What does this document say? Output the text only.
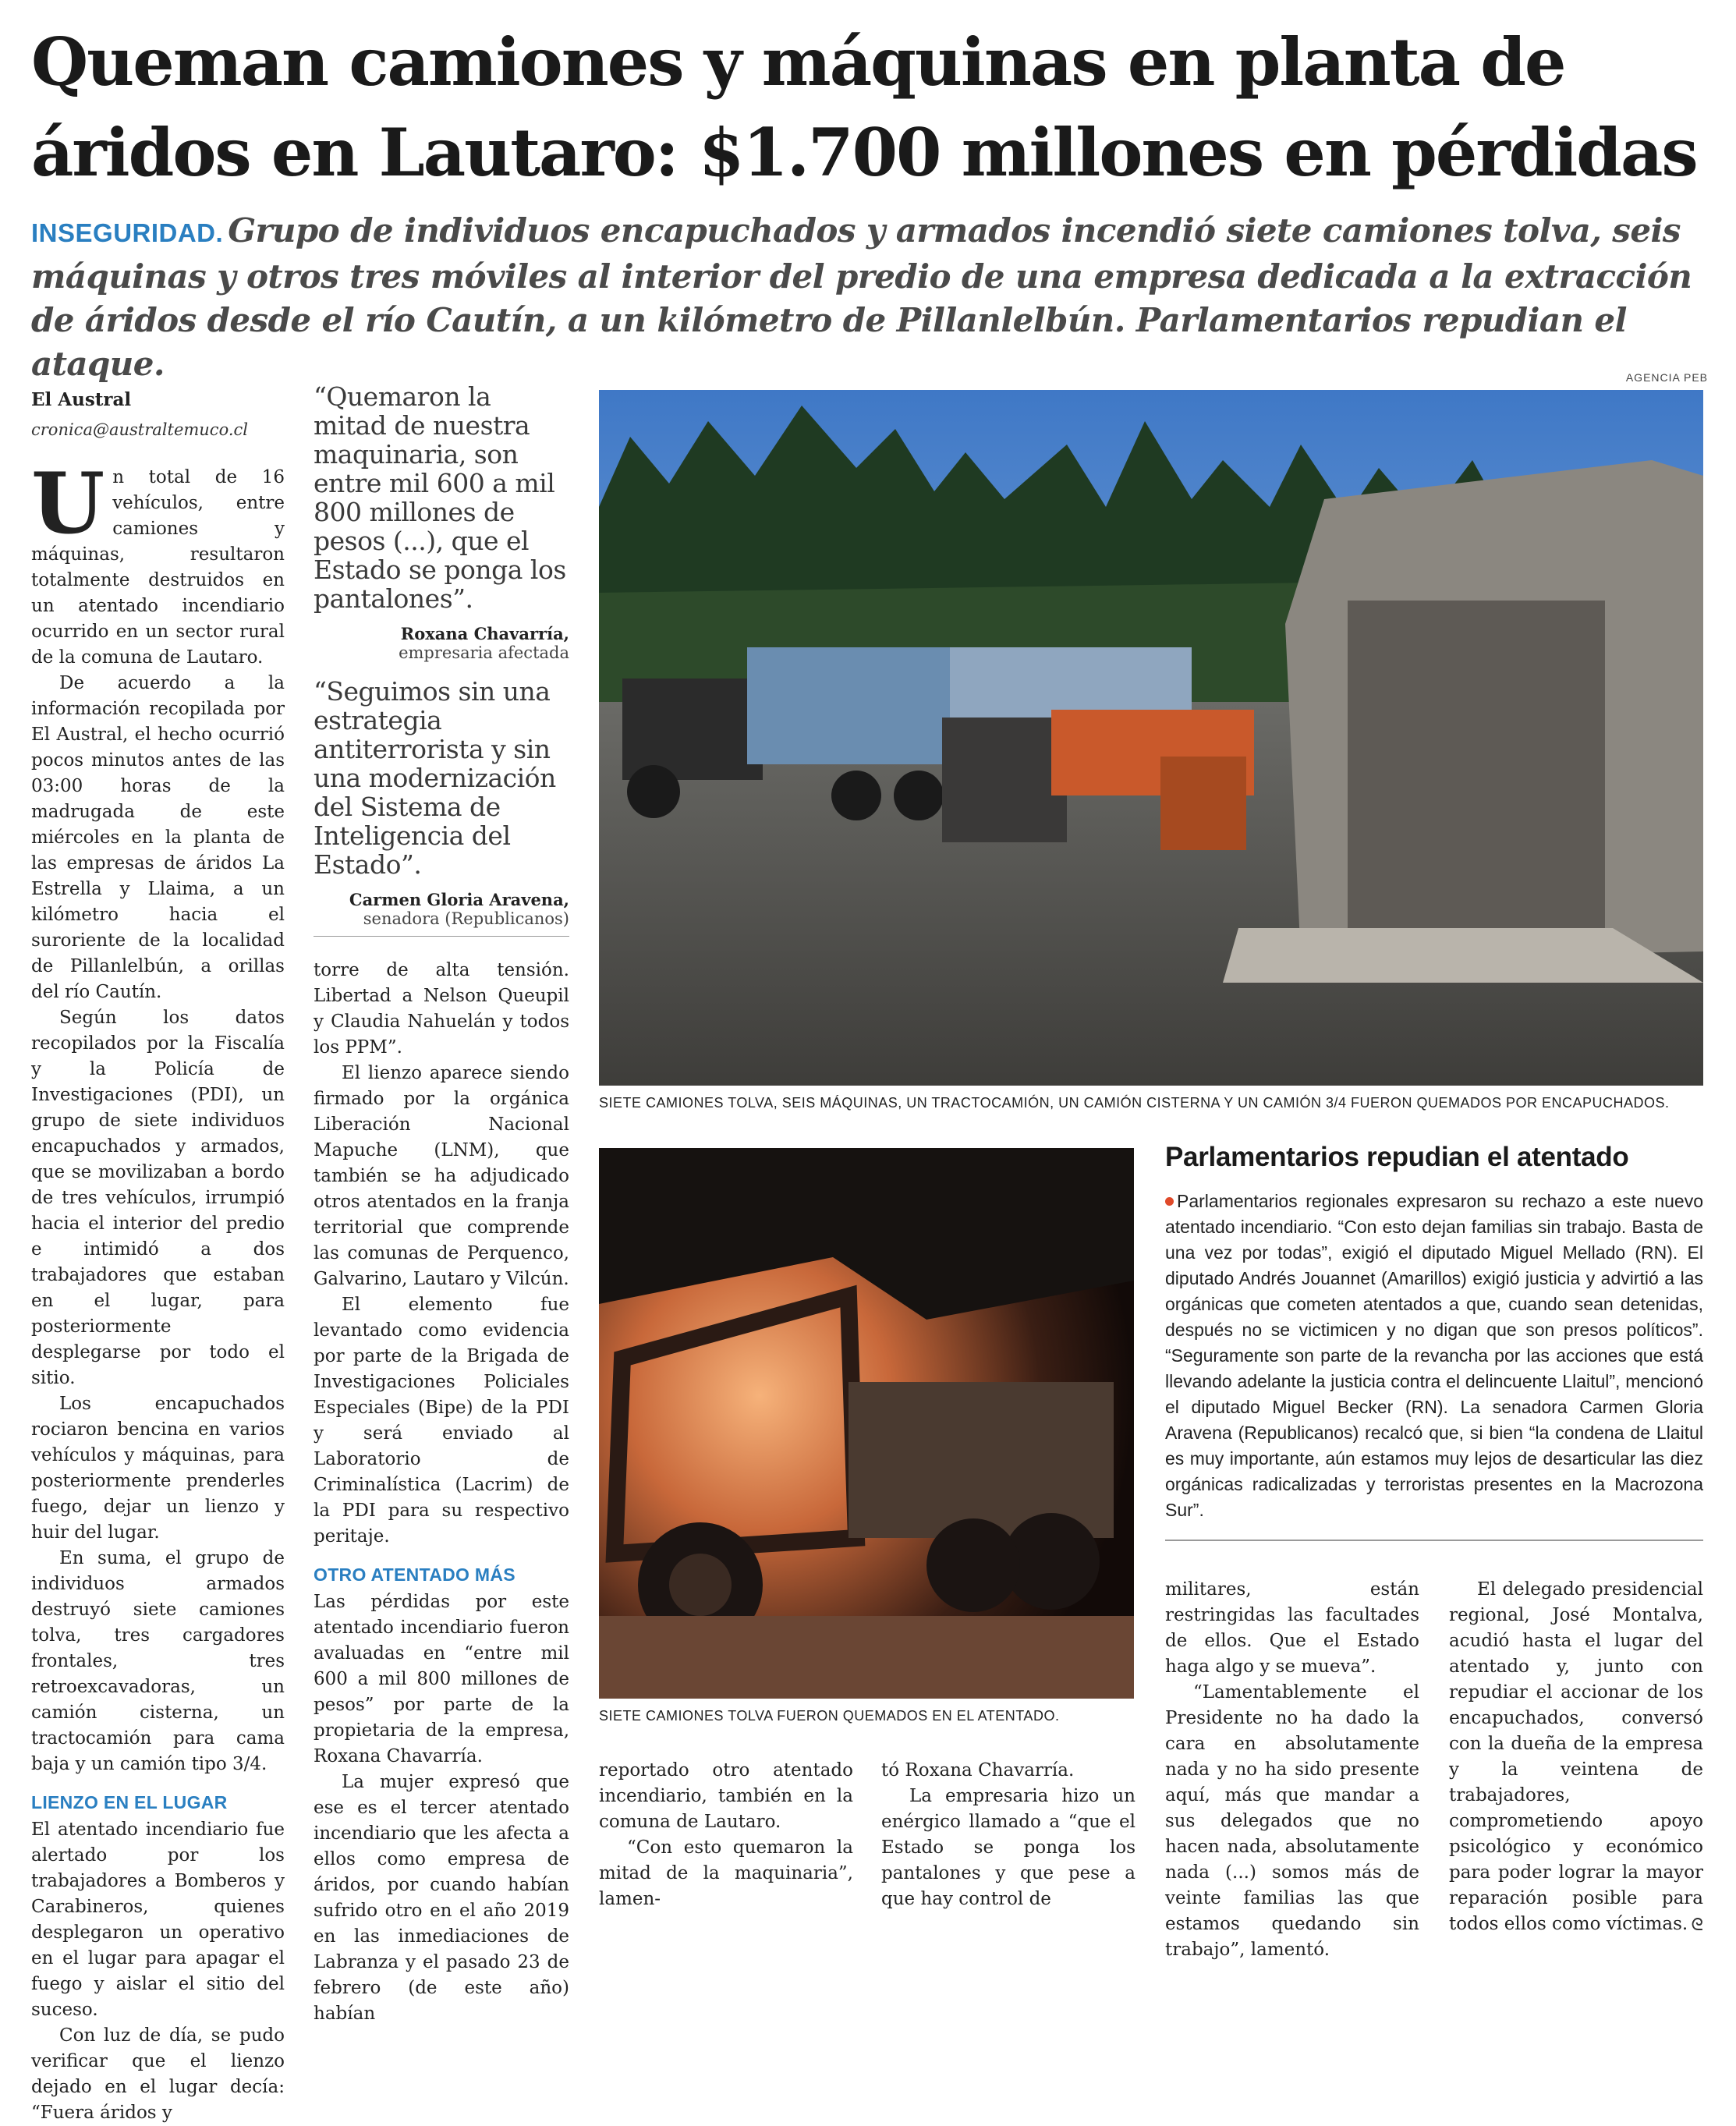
Queman camiones y máquinas en planta de áridos en Lautaro: $1.700 millones en pérdidas
INSEGURIDAD. Grupo de individuos encapuchados y armados incendió siete camiones tolva, seis máquinas y otros tres móviles al interior del predio de una empresa dedicada a la extracción de áridos desde el río Cautín, a un kilómetro de Pillanlelbún. Parlamentarios repudian el ataque.
El Austral
cronica@australtemuco.cl

Un total de 16 vehículos, entre camiones y máquinas, resultaron totalmente destruidos en un atentado incendiario ocurrido en un sector rural de la comuna de Lautaro.

De acuerdo a la información recopilada por El Austral, el hecho ocurrió pocos minutos antes de las 03:00 horas de la madrugada de este miércoles en la planta de las empresas de áridos La Estrella y Llaima, a un kilómetro hacia el suroriente de la localidad de Pillanlelbún, a orillas del río Cautín.

Según los datos recopilados por la Fiscalía y la Policía de Investigaciones (PDI), un grupo de siete individuos encapuchados y armados, que se movilizaban a bordo de tres vehículos, irrumpió hacia el interior del predio e intimidó a dos trabajadores que estaban en el lugar, para posteriormente desplegarse por todo el sitio.

Los encapuchados rociaron bencina en varios vehículos y máquinas, para posteriormente prenderles fuego, dejar un lienzo y huir del lugar.

En suma, el grupo de individuos armados destruyó siete camiones tolva, tres cargadores frontales, tres retroexcavadoras, un camión cisterna, un tractocamión para cama baja y un camión tipo 3/4.

LIENZO EN EL LUGAR

El atentado incendiario fue alertado por los trabajadores a Bomberos y Carabineros, quienes desplegaron un operativo en el lugar para apagar el fuego y aislar el sitio del suceso.

Con luz de día, se pudo verificar que el lienzo dejado en el lugar decía: “Fuera áridos y

“Quemaron la mitad de nuestra maquinaria, son entre mil 600 a mil 800 millones de pesos (...), que el Estado se ponga los pantalones”.
Roxana Chavarría,
empresaria afectada
“Seguimos sin una estrategia antiterrorista y sin una modernización del Sistema de Inteligencia del Estado”.
Carmen Gloria Aravena,
senadora (Republicanos)

torre de alta tensión. Libertad a Nelson Queupil y Claudia Nahuelán y todos los PPM”.

El lienzo aparece siendo firmado por la orgánica Liberación Nacional Mapuche (LNM), que también se ha adjudicado otros atentados en la franja territorial que comprende las comunas de Perquenco, Galvarino, Lautaro y Vilcún.

El elemento fue levantado como evidencia por parte de la Brigada de Investigaciones Policiales Especiales (Bipe) de la PDI y será enviado al Laboratorio de Criminalística (Lacrim) de la PDI para su respectivo peritaje.

OTRO ATENTADO MÁS

Las pérdidas por este atentado incendiario fueron avaluadas en “entre mil 600 a mil 800 millones de pesos” por parte de la propietaria de la empresa, Roxana Chavarría.

La mujer expresó que ese es el tercer atentado incendiario que les afecta a ellos como empresa de áridos, por cuando habían sufrido otro en el año 2019 en las inmediaciones de Labranza y el pasado 23 de febrero (de este año) habían

AGENCIA PEB
SIETE CAMIONES TOLVA, SEIS MÁQUINAS, UN TRACTOCAMIÓN, UN CAMIÓN CISTERNA Y UN CAMIÓN 3/4 FUERON QUEMADOS POR ENCAPUCHADOS.
SIETE CAMIONES TOLVA FUERON QUEMADOS EN EL ATENTADO.

reportado otro atentado incendiario, también en la comuna de Lautaro.

“Con esto quemaron la mitad de la maquinaria”, lamen-

tó Roxana Chavarría.

La empresaria hizo un enérgico llamado a “que el Estado se ponga los pantalones y que pese a que hay control de

Parlamentarios repudian el atentado
Parlamentarios regionales expresaron su rechazo a este nuevo atentado incendiario. “Con esto dejan familias sin trabajo. Basta de una vez por todas”, exigió el diputado Miguel Mellado (RN). El diputado Andrés Jouannet (Amarillos) exigió justicia y advirtió a las orgánicas que cometen atentados a que, cuando sean detenidas, después no se victimicen y no digan que son presos políticos”. “Seguramente son parte de la revancha por las acciones que está llevando adelante la justicia contra el delincuente Llaitul”, mencionó el diputado Miguel Becker (RN). La senadora Carmen Gloria Aravena (Republicanos) recalcó que, si bien “la condena de Llaitul es muy importante, aún estamos muy lejos de desarticular las diez orgánicas radicalizadas y terroristas presentes en la Macrozona Sur”.

militares, están restringidas las facultades de ellos. Que el Estado haga algo y se mueva”.

“Lamentablemente el Presidente no ha dado la cara en absolutamente nada y no ha sido presente aquí, más que mandar a sus delegados que no hacen nada, absolutamente nada (...) somos más de veinte familias las que estamos quedando sin trabajo”, lamentó.

El delegado presidencial regional, José Montalva, acudió hasta el lugar del atentado y, junto con repudiar el accionar de los encapuchados, conversó con la dueña de la empresa y la veintena de trabajadores, comprometiendo apoyo psicológico y económico para poder lograr la mayor reparación posible para todos ellos como víctimas. ᘓ
